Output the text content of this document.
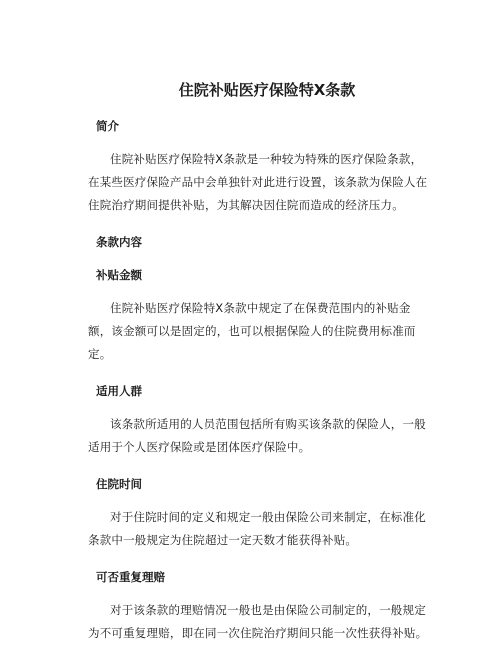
住院补贴医疗保险特X条款
简介

住院补贴医疗保险特X条款是一种较为特殊的医疗保险条款，在某些医疗保险产品中会单独针对此进行设置，该条款为保险人在住院治疗期间提供补贴，为其解决因住院而造成的经济压力。

条款内容
补贴金额

住院补贴医疗保险特X条款中规定了在保费范围内的补贴金额，该金额可以是固定的，也可以根据保险人的住院费用标准而定。

适用人群

该条款所适用的人员范围包括所有购买该条款的保险人，一般适用于个人医疗保险或是团体医疗保险中。

住院时间

对于住院时间的定义和规定一般由保险公司来制定，在标准化条款中一般规定为住院超过一定天数才能获得补贴。

可否重复理赔

对于该条款的理赔情况一般也是由保险公司制定的，一般规定为不可重复理赔，即在同一次住院治疗期间只能一次性获得补贴。
